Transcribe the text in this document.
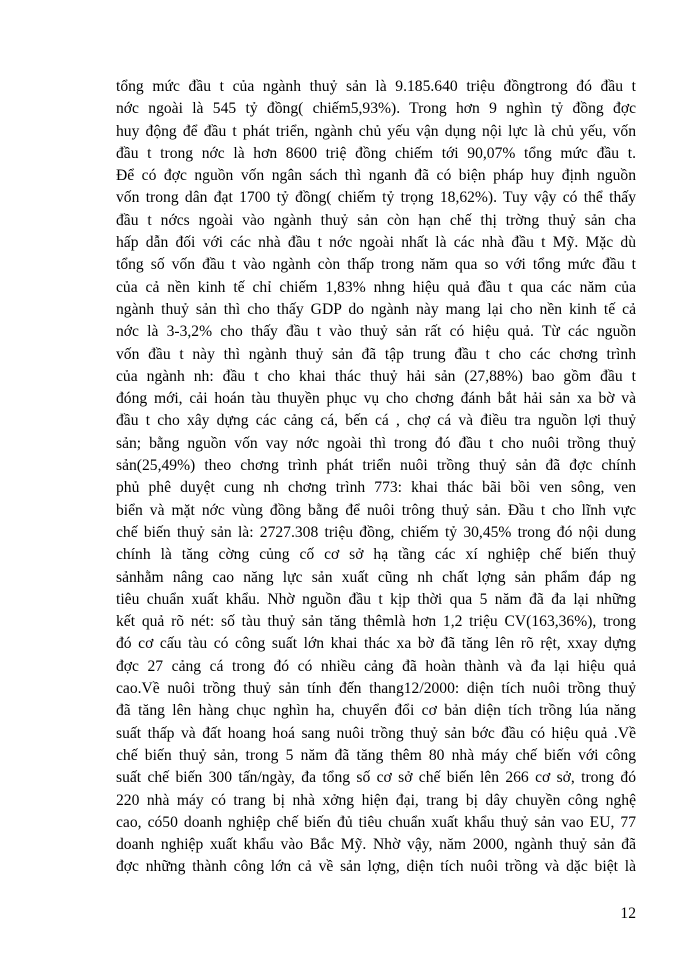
tổng mức đầu t của ngành thuỷ sản là 9.185.640 triệu đồngtrong đó đầu t
nớc ngoài là 545 tỷ đồng( chiếm5,93%). Trong hơn 9 nghìn tỷ đồng đợc
huy động để đầu t phát triển, ngành chủ yếu vận dụng nội lực là chủ yếu, vốn
đầu t trong nớc là hơn 8600 triệ đồng chiếm tới 90,07% tổng mức đầu t.
Để có đợc nguồn vốn ngân sách thì nganh đã có biện pháp huy định nguồn
vốn trong dân đạt 1700 tỷ đồng( chiếm tỷ trọng 18,62%). Tuy vậy có thể thấy
đầu t nớcs ngoài vào ngành thuỷ sản còn hạn chế thị trờng thuỷ sản cha
hấp dẫn đối với các nhà đầu t nớc ngoài nhất là các nhà đầu t Mỹ. Mặc dù
tổng số vốn đầu t vào ngành còn thấp trong năm qua so với tổng mức đầu t
của cả nền kinh tế chỉ chiếm 1,83% nhng hiệu quả đầu t qua các năm của
ngành thuỷ sản thì cho thấy GDP do ngành này mang lại cho nền kinh tế cả
nớc là 3-3,2% cho thấy đầu t vào thuỷ sản rất có hiệu quả. Từ các nguồn
vốn đầu t này thì ngành thuỷ sản đã tập trung đầu t cho các chơng trình
của ngành nh: đầu t cho khai thác thuỷ hải sản (27,88%) bao gồm đầu t
đóng mới, cải hoán tàu thuyền phục vụ cho chơng đánh bắt hải sản xa bờ và
đầu t cho xây dựng các cảng cá, bến cá , chợ cá và điều tra nguồn lợi thuỷ
sản; bằng nguồn vốn vay nớc ngoài thì trong đó đầu t cho nuôi trồng thuỷ
sản(25,49%) theo chơng trình phát triển nuôi trồng thuỷ sản đã đợc chính
phủ phê duyệt cung nh chơng trình 773: khai thác bãi bồi ven sông, ven
biển và mặt nớc vùng đồng bằng để nuôi trông thuỷ sản. Đầu t cho lĩnh vực
chế biến thuỷ sản là: 2727.308 triệu đồng, chiếm tỷ 30,45% trong đó nội dung
chính là tăng cờng củng cố cơ sở hạ tầng các xí nghiệp chế biến thuỷ
sảnhằm nâng cao năng lực sản xuất cũng nh chất lợng sản phẩm đáp ng
tiêu chuẩn xuất khẩu. Nhờ nguồn đầu t kịp thời qua 5 năm đã đa lại những
kết quả rõ nét: số tàu thuỷ sản tăng thêmlà hơn 1,2 triệu CV(163,36%), trong
đó cơ cấu tàu có công suất lớn khai thác xa bờ đã tăng lên rõ rệt, xxay dựng
đợc 27 cảng cá trong đó có nhiều cảng đã hoàn thành và đa lại hiệu quả
cao.Về nuôi trồng thuỷ sản tính đến thang12/2000: diện tích nuôi trồng thuỷ
đã tăng lên hàng chục nghìn ha, chuyển đổi cơ bản diện tích trồng lúa năng
suất thấp và đất hoang hoá sang nuôi trồng thuỷ sản bớc đầu có hiệu quả .Về
chế biến thuỷ sản, trong 5 năm đã tăng thêm 80 nhà máy chế biến với công
suất chế biến 300 tấn/ngày, đa tổng số cơ sở chế biến lên 266 cơ sở, trong đó
220 nhà máy có trang bị nhà xởng hiện đại, trang bị dây chuyền công nghệ
cao, có50 doanh nghiệp chế biến đủ tiêu chuẩn xuất khẩu thuỷ sản vao EU, 77
doanh nghiệp xuất khẩu vào Bắc Mỹ. Nhờ vậy, năm 2000, ngành thuỷ sản đã
đợc những thành công lớn cả về sản lợng, diện tích nuôi trồng và dặc biệt là
12
